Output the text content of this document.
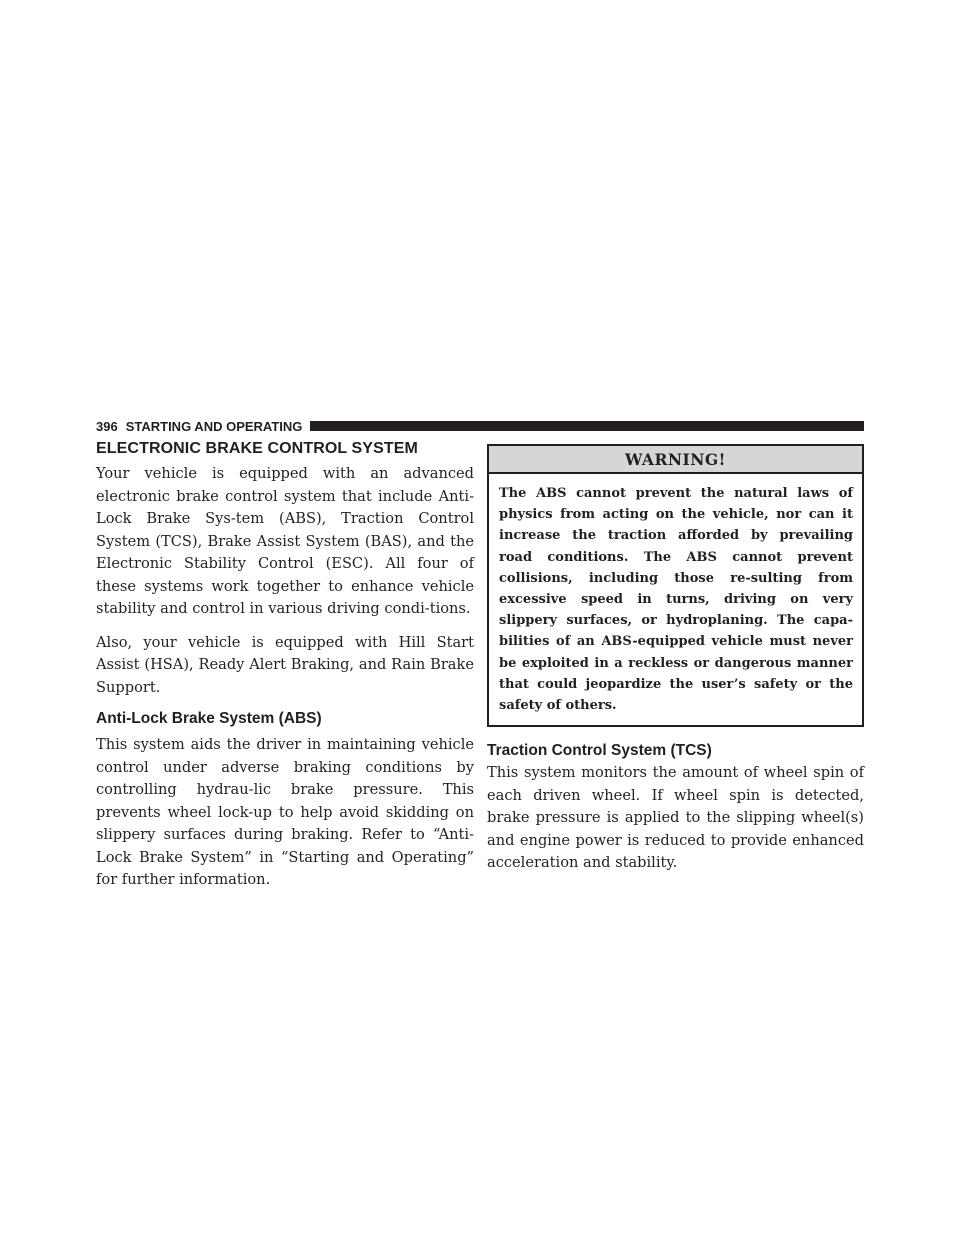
396 STARTING AND OPERATING
ELECTRONIC BRAKE CONTROL SYSTEM

Your vehicle is equipped with an advanced electronic brake control system that include Anti-Lock Brake Sys-tem (ABS), Traction Control System (TCS), Brake Assist System (BAS), and the Electronic Stability Control (ESC). All four of these systems work together to enhance vehicle stability and control in various driving condi-tions.

Also, your vehicle is equipped with Hill Start Assist (HSA), Ready Alert Braking, and Rain Brake Support.

Anti-Lock Brake System (ABS)

This system aids the driver in maintaining vehicle control under adverse braking conditions by controlling hydrau-lic brake pressure. This prevents wheel lock-up to help avoid skidding on slippery surfaces during braking. Refer to “Anti-Lock Brake System” in “Starting and Operating” for further information.

WARNING!
The ABS cannot prevent the natural laws of physics from acting on the vehicle, nor can it increase the traction afforded by prevailing road conditions. The ABS cannot prevent collisions, including those re-sulting from excessive speed in turns, driving on very slippery surfaces, or hydroplaning. The capa-bilities of an ABS-equipped vehicle must never be exploited in a reckless or dangerous manner that could jeopardize the user’s safety or the safety of others.
Traction Control System (TCS)

This system monitors the amount of wheel spin of each driven wheel. If wheel spin is detected, brake pressure is applied to the slipping wheel(s) and engine power is reduced to provide enhanced acceleration and stability.
